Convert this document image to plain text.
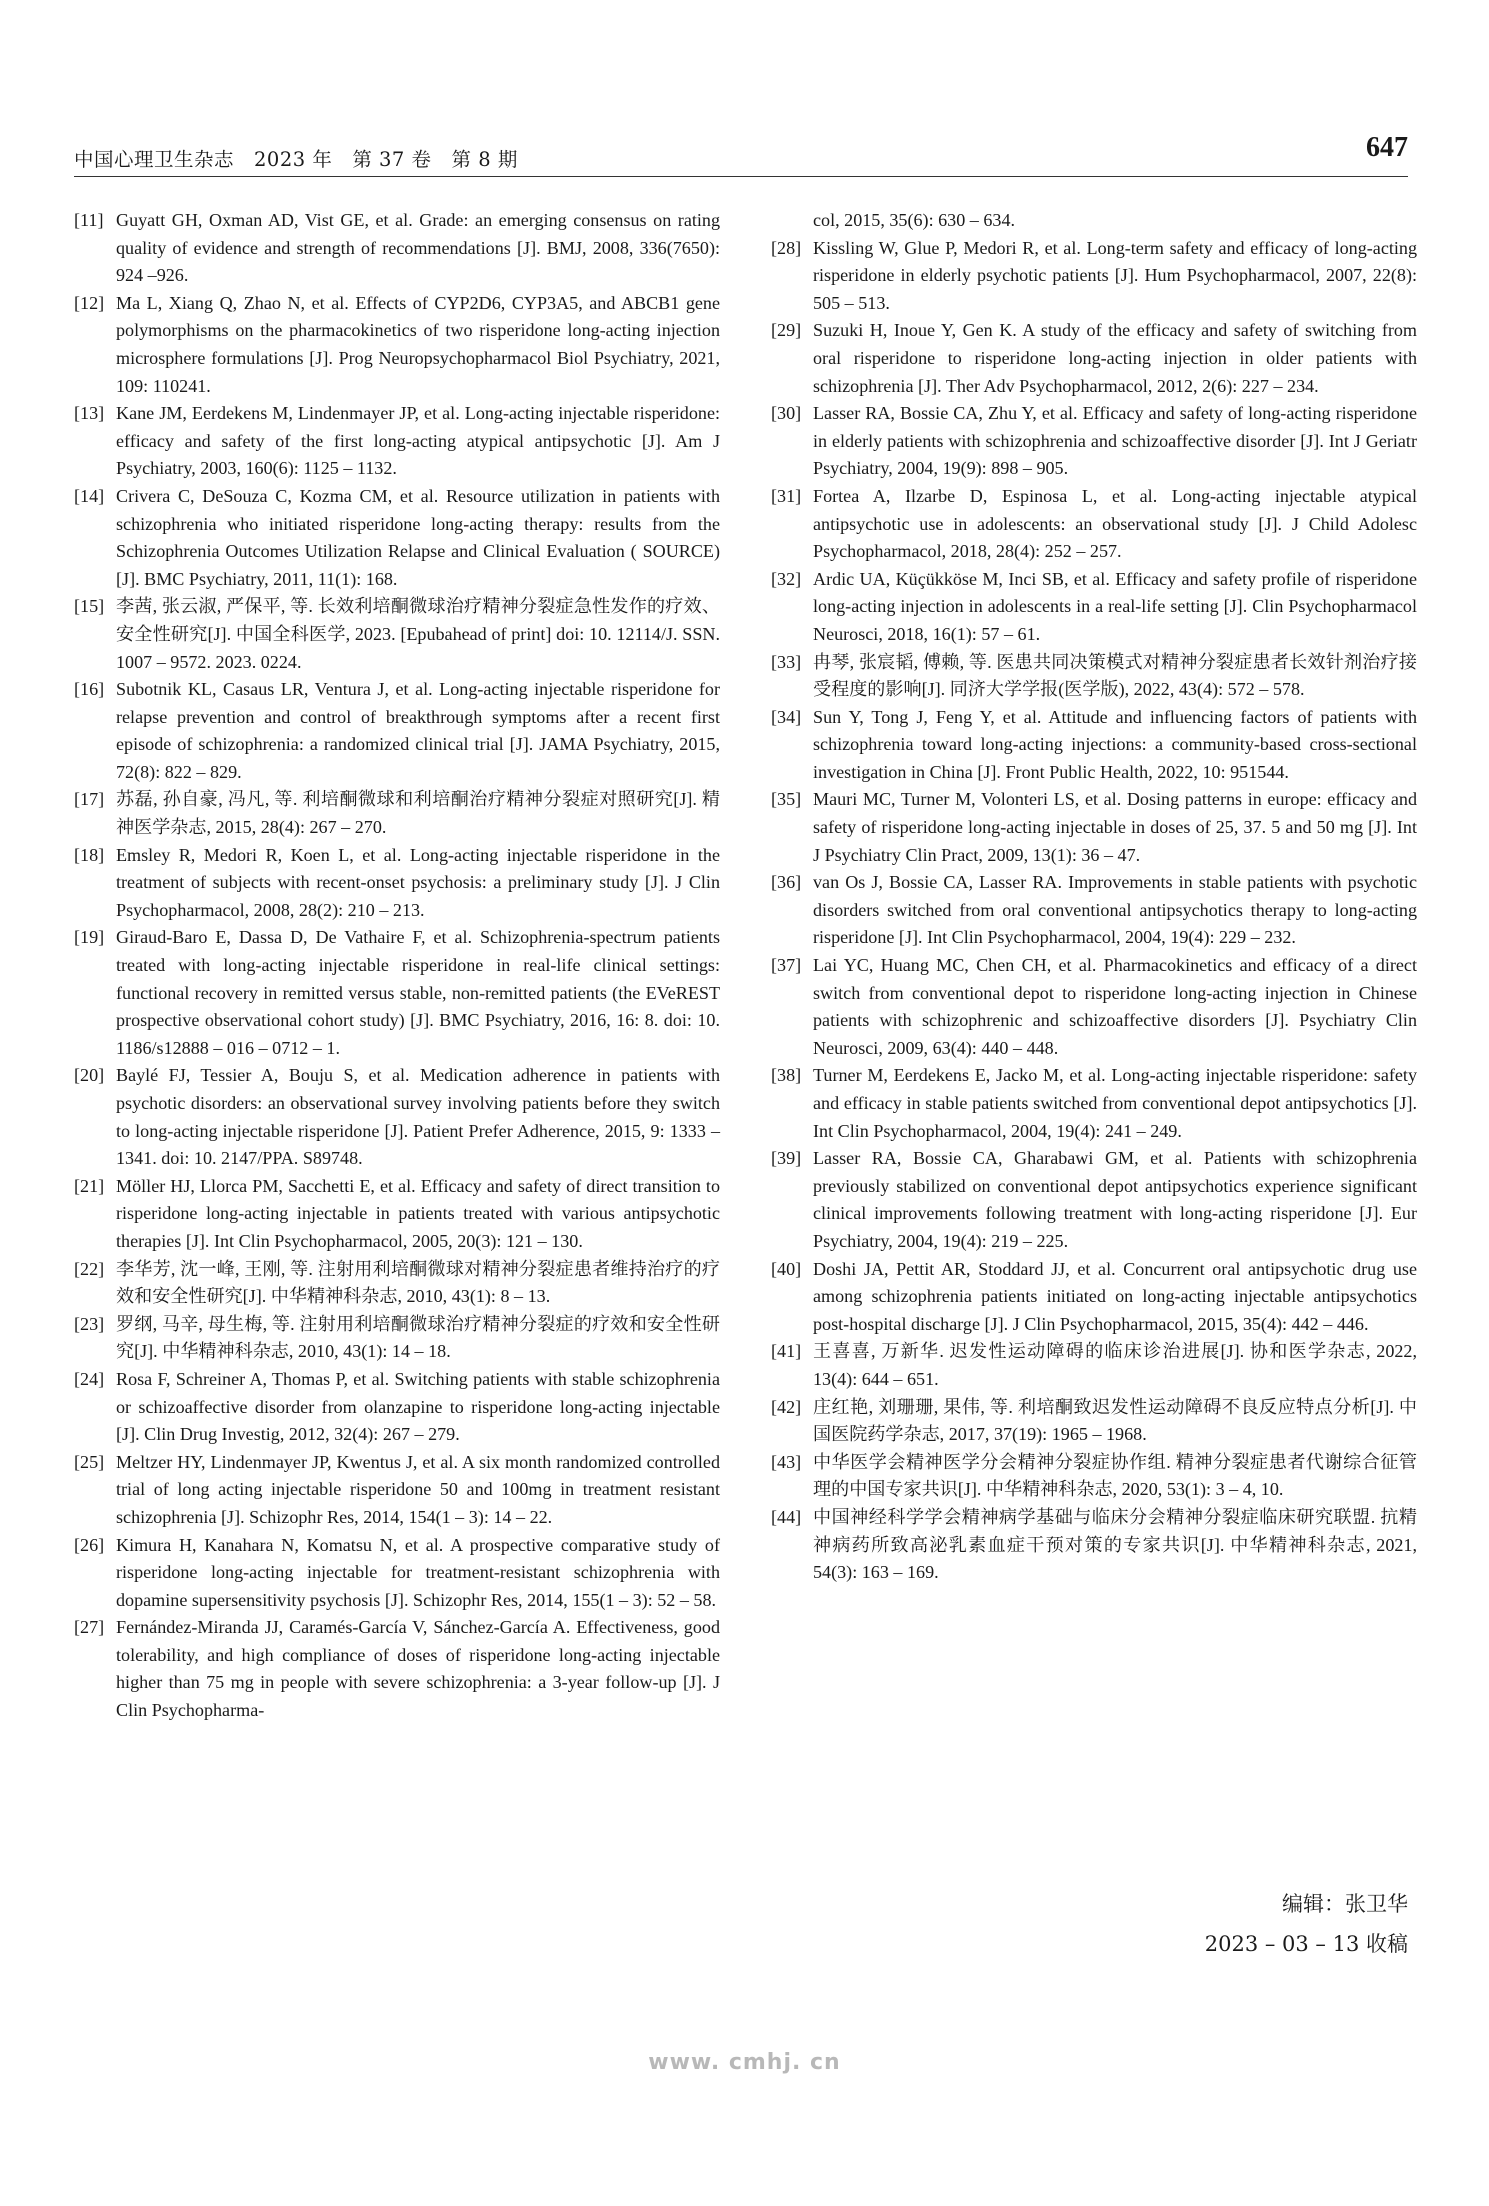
中国心理卫生杂志　2023 年　第 37 卷　第 8 期	647
[11] Guyatt GH, Oxman AD, Vist GE, et al. Grade: an emerging consensus on rating quality of evidence and strength of recommendations [J]. BMJ, 2008, 336(7650): 924 –926.
[12] Ma L, Xiang Q, Zhao N, et al. Effects of CYP2D6, CYP3A5, and ABCB1 gene polymorphisms on the pharmacokinetics of two risperidone long-acting injection microsphere formulations [J]. Prog Neuropsychopharmacol Biol Psychiatry, 2021, 109: 110241.
[13] Kane JM, Eerdekens M, Lindenmayer JP, et al. Long-acting injectable risperidone: efficacy and safety of the first long-acting atypical antipsychotic [J]. Am J Psychiatry, 2003, 160(6): 1125 – 1132.
[14] Crivera C, DeSouza C, Kozma CM, et al. Resource utilization in patients with schizophrenia who initiated risperidone long-acting therapy: results from the Schizophrenia Outcomes Utilization Relapse and Clinical Evaluation ( SOURCE) [J]. BMC Psychiatry, 2011, 11(1): 168.
[15] 李茜, 张云淑, 严保平, 等. 长效利培酮微球治疗精神分裂症急性发作的疗效、安全性研究[J]. 中国全科医学, 2023. [Epubahead of print] doi: 10. 12114/J. SSN. 1007 – 9572. 2023. 0224.
[16] Subotnik KL, Casaus LR, Ventura J, et al. Long-acting injectable risperidone for relapse prevention and control of breakthrough symptoms after a recent first episode of schizophrenia: a randomized clinical trial [J]. JAMA Psychiatry, 2015, 72(8): 822 – 829.
[17] 苏磊, 孙自豪, 冯凡, 等. 利培酮微球和利培酮治疗精神分裂症对照研究[J]. 精神医学杂志, 2015, 28(4): 267 – 270.
[18] Emsley R, Medori R, Koen L, et al. Long-acting injectable risperidone in the treatment of subjects with recent-onset psychosis: a preliminary study [J]. J Clin Psychopharmacol, 2008, 28(2): 210 – 213.
[19] Giraud-Baro E, Dassa D, De Vathaire F, et al. Schizophrenia-spectrum patients treated with long-acting injectable risperidone in real-life clinical settings: functional recovery in remitted versus stable, non-remitted patients (the EVeREST prospective observational cohort study) [J]. BMC Psychiatry, 2016, 16: 8. doi: 10. 1186/s12888 – 016 – 0712 – 1.
[20] Baylé FJ, Tessier A, Bouju S, et al. Medication adherence in patients with psychotic disorders: an observational survey involving patients before they switch to long-acting injectable risperidone [J]. Patient Prefer Adherence, 2015, 9: 1333 – 1341. doi: 10. 2147/PPA. S89748.
[21] Möller HJ, Llorca PM, Sacchetti E, et al. Efficacy and safety of direct transition to risperidone long-acting injectable in patients treated with various antipsychotic therapies [J]. Int Clin Psychopharmacol, 2005, 20(3): 121 – 130.
[22] 李华芳, 沈一峰, 王刚, 等. 注射用利培酮微球对精神分裂症患者维持治疗的疗效和安全性研究[J]. 中华精神科杂志, 2010, 43(1): 8 – 13.
[23] 罗纲, 马辛, 母生梅, 等. 注射用利培酮微球治疗精神分裂症的疗效和安全性研究[J]. 中华精神科杂志, 2010, 43(1): 14 – 18.
[24] Rosa F, Schreiner A, Thomas P, et al. Switching patients with stable schizophrenia or schizoaffective disorder from olanzapine to risperidone long-acting injectable [J]. Clin Drug Investig, 2012, 32(4): 267 – 279.
[25] Meltzer HY, Lindenmayer JP, Kwentus J, et al. A six month randomized controlled trial of long acting injectable risperidone 50 and 100mg in treatment resistant schizophrenia [J]. Schizophr Res, 2014, 154(1 – 3): 14 – 22.
[26] Kimura H, Kanahara N, Komatsu N, et al. A prospective comparative study of risperidone long-acting injectable for treatment-resistant schizophrenia with dopamine supersensitivity psychosis [J]. Schizophr Res, 2014, 155(1 – 3): 52 – 58.
[27] Fernández-Miranda JJ, Caramés-García V, Sánchez-García A. Effectiveness, good tolerability, and high compliance of doses of risperidone long-acting injectable higher than 75 mg in people with severe schizophrenia: a 3-year follow-up [J]. J Clin Psychopharma-
col, 2015, 35(6): 630 – 634.
[28] Kissling W, Glue P, Medori R, et al. Long-term safety and efficacy of long-acting risperidone in elderly psychotic patients [J]. Hum Psychopharmacol, 2007, 22(8): 505 – 513.
[29] Suzuki H, Inoue Y, Gen K. A study of the efficacy and safety of switching from oral risperidone to risperidone long-acting injection in older patients with schizophrenia [J]. Ther Adv Psychopharmacol, 2012, 2(6): 227 – 234.
[30] Lasser RA, Bossie CA, Zhu Y, et al. Efficacy and safety of long-acting risperidone in elderly patients with schizophrenia and schizoaffective disorder [J]. Int J Geriatr Psychiatry, 2004, 19(9): 898 – 905.
[31] Fortea A, Ilzarbe D, Espinosa L, et al. Long-acting injectable atypical antipsychotic use in adolescents: an observational study [J]. J Child Adolesc Psychopharmacol, 2018, 28(4): 252 – 257.
[32] Ardic UA, Küçükköse M, Inci SB, et al. Efficacy and safety profile of risperidone long-acting injection in adolescents in a real-life setting [J]. Clin Psychopharmacol Neurosci, 2018, 16(1): 57 – 61.
[33] 冉琴, 张宸韬, 傅赖, 等. 医患共同决策模式对精神分裂症患者长效针剂治疗接受程度的影响[J]. 同济大学学报(医学版), 2022, 43(4): 572 – 578.
[34] Sun Y, Tong J, Feng Y, et al. Attitude and influencing factors of patients with schizophrenia toward long-acting injections: a community-based cross-sectional investigation in China [J]. Front Public Health, 2022, 10: 951544.
[35] Mauri MC, Turner M, Volonteri LS, et al. Dosing patterns in europe: efficacy and safety of risperidone long-acting injectable in doses of 25, 37. 5 and 50 mg [J]. Int J Psychiatry Clin Pract, 2009, 13(1): 36 – 47.
[36] van Os J, Bossie CA, Lasser RA. Improvements in stable patients with psychotic disorders switched from oral conventional antipsychotics therapy to long-acting risperidone [J]. Int Clin Psychopharmacol, 2004, 19(4): 229 – 232.
[37] Lai YC, Huang MC, Chen CH, et al. Pharmacokinetics and efficacy of a direct switch from conventional depot to risperidone long-acting injection in Chinese patients with schizophrenic and schizoaffective disorders [J]. Psychiatry Clin Neurosci, 2009, 63(4): 440 – 448.
[38] Turner M, Eerdekens E, Jacko M, et al. Long-acting injectable risperidone: safety and efficacy in stable patients switched from conventional depot antipsychotics [J]. Int Clin Psychopharmacol, 2004, 19(4): 241 – 249.
[39] Lasser RA, Bossie CA, Gharabawi GM, et al. Patients with schizophrenia previously stabilized on conventional depot antipsychotics experience significant clinical improvements following treatment with long-acting risperidone [J]. Eur Psychiatry, 2004, 19(4): 219 – 225.
[40] Doshi JA, Pettit AR, Stoddard JJ, et al. Concurrent oral antipsychotic drug use among schizophrenia patients initiated on long-acting injectable antipsychotics post-hospital discharge [J]. J Clin Psychopharmacol, 2015, 35(4): 442 – 446.
[41] 王喜喜, 万新华. 迟发性运动障碍的临床诊治进展[J]. 协和医学杂志, 2022, 13(4): 644 – 651.
[42] 庄红艳, 刘珊珊, 果伟, 等. 利培酮致迟发性运动障碍不良反应特点分析[J]. 中国医院药学杂志, 2017, 37(19): 1965 – 1968.
[43] 中华医学会精神医学分会精神分裂症协作组. 精神分裂症患者代谢综合征管理的中国专家共识[J]. 中华精神科杂志, 2020, 53(1): 3 – 4, 10.
[44] 中国神经科学学会精神病学基础与临床分会精神分裂症临床研究联盟. 抗精神病药所致高泌乳素血症干预对策的专家共识[J]. 中华精神科杂志, 2021, 54(3): 163 – 169.
编辑：张卫华
2023 – 03 – 13 收稿
www. cmhj. cn
